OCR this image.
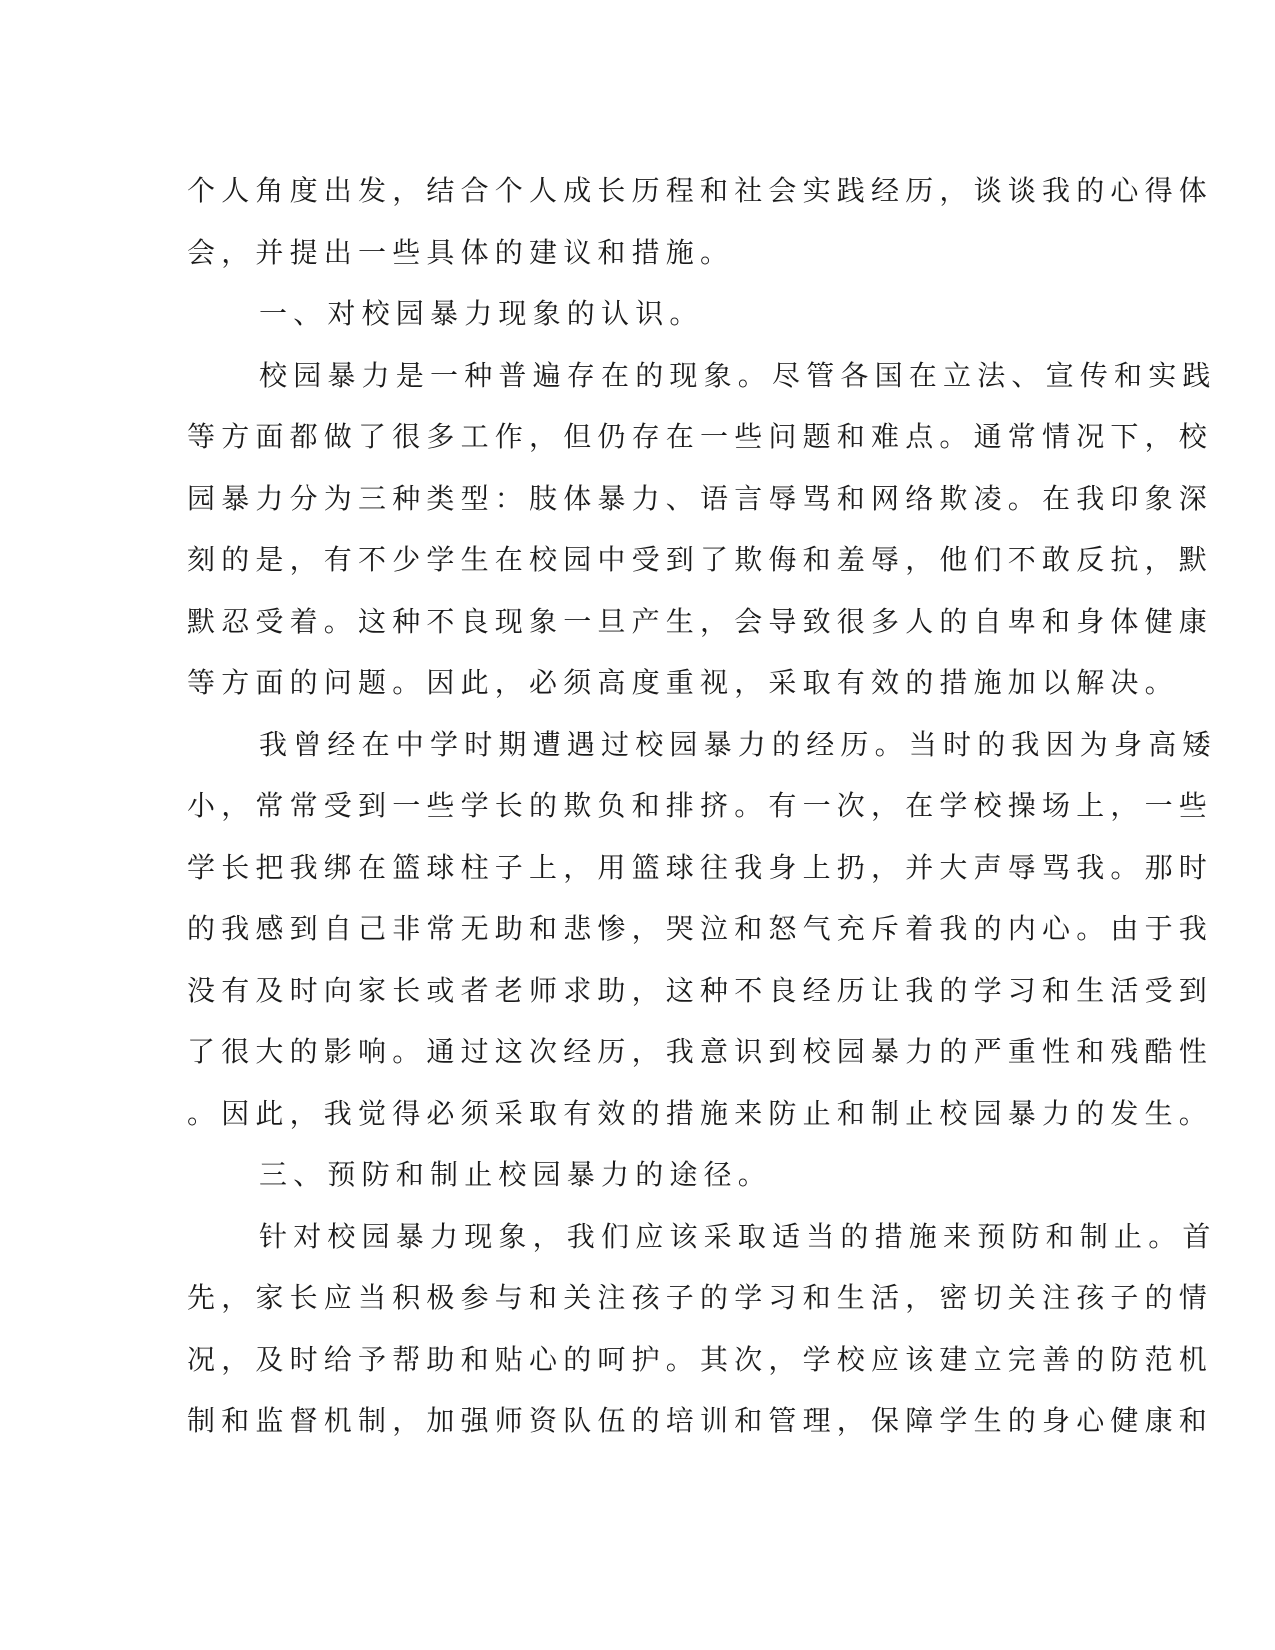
个人角度出发，结合个人成长历程和社会实践经历，谈谈我的心得体
会，并提出一些具体的建议和措施。
一、对校园暴力现象的认识。
校园暴力是一种普遍存在的现象。尽管各国在立法、宣传和实践
等方面都做了很多工作，但仍存在一些问题和难点。通常情况下，校
园暴力分为三种类型：肢体暴力、语言辱骂和网络欺凌。在我印象深
刻的是，有不少学生在校园中受到了欺侮和羞辱，他们不敢反抗，默
默忍受着。这种不良现象一旦产生，会导致很多人的自卑和身体健康
等方面的问题。因此，必须高度重视，采取有效的措施加以解决。
我曾经在中学时期遭遇过校园暴力的经历。当时的我因为身高矮
小，常常受到一些学长的欺负和排挤。有一次，在学校操场上，一些
学长把我绑在篮球柱子上，用篮球往我身上扔，并大声辱骂我。那时
的我感到自己非常无助和悲惨，哭泣和怒气充斥着我的内心。由于我
没有及时向家长或者老师求助，这种不良经历让我的学习和生活受到
了很大的影响。通过这次经历，我意识到校园暴力的严重性和残酷性
。因此，我觉得必须采取有效的措施来防止和制止校园暴力的发生。
三、预防和制止校园暴力的途径。
针对校园暴力现象，我们应该采取适当的措施来预防和制止。首
先，家长应当积极参与和关注孩子的学习和生活，密切关注孩子的情
况，及时给予帮助和贴心的呵护。其次，学校应该建立完善的防范机
制和监督机制，加强师资队伍的培训和管理，保障学生的身心健康和
